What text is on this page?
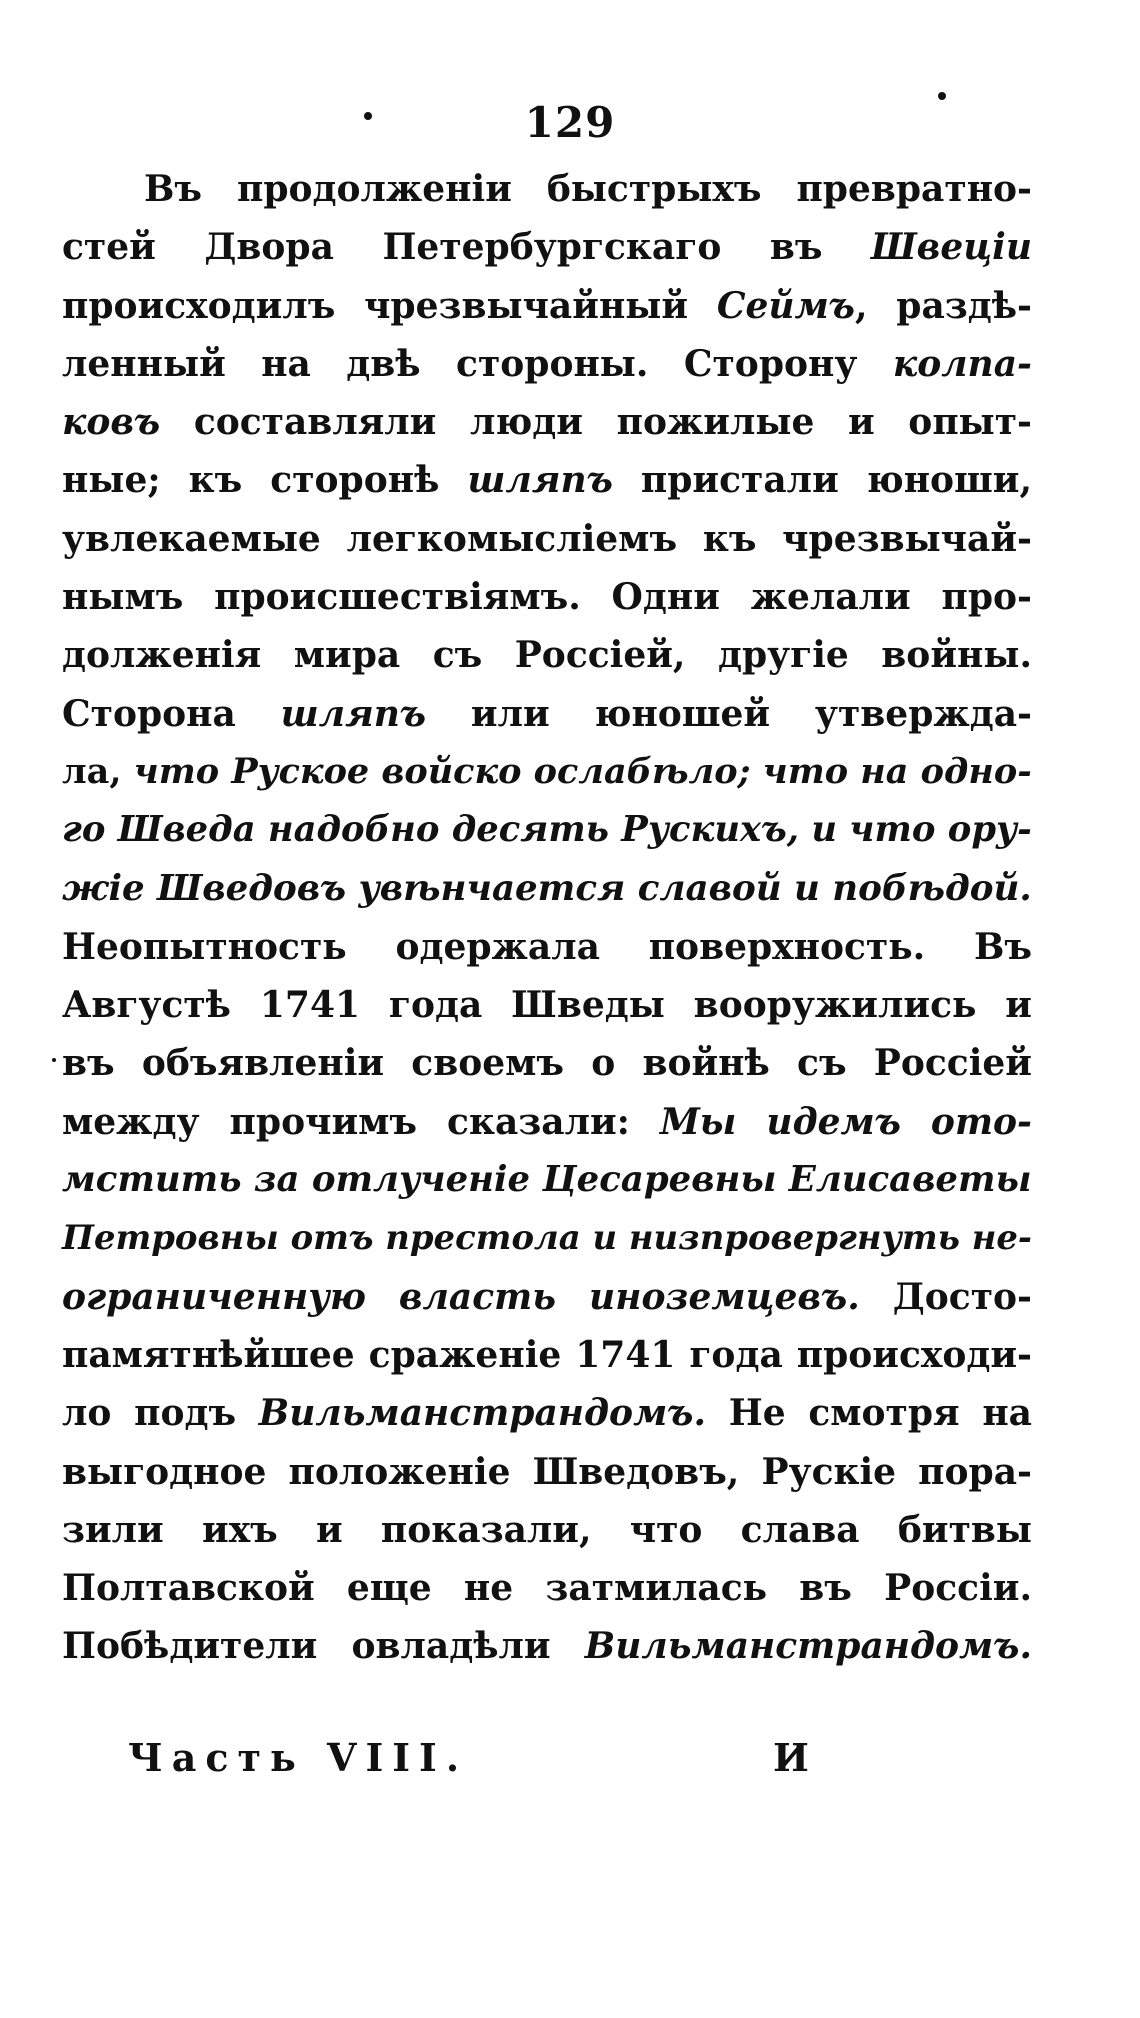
129
Въ продолженіи быстрыхъ превратно-
стей Двора Петербургскаго въ Швеціи
происходилъ чрезвычайный Сеймъ , раздѣ-
ленный на двѣ стороны. Сторону колпа-
ковъ составляли люди пожилые и опыт-
ные; къ сторонѣ шляпъ пристали юноши,
увлекаемые легкомысліемъ къ чрезвычай-
нымъ происшествіямъ. Одни желали про-
долженія мира съ Россіей, другіе войны.
Сторона шляпъ или юношей утверждa-
ла, что Руское войско ослабѣло; что на одно-
го Шведа надобно десять Рускихъ, и что ору-
жіе Шведовъ увѣнчается славой и побѣдой.
Неопытность одержала поверхность. Въ
Августѣ 1741 года Шведы вооружились и
въ объявленіи своемъ о войнѣ съ Россіей
между прочимъ сказали: Мы идемъ ото-
мстить за отлученіе Цесаревны Елисаветы
Петровны отъ престола и низпровергнуть не-
ограниченную власть иноземцевъ. Досто-
памятнѣйшее сраженіе 1741 года происходи-
ло подъ Вильманстрандомъ. Не смотря на
выгодное положеніе Шведовъ, Рускіе пора-
зили ихъ и показали, что слава битвы
Полтавской еще не затмилась въ Россіи.
Побѣдители овладѣли Вильманстрандомъ.
Часть VIII.	И
